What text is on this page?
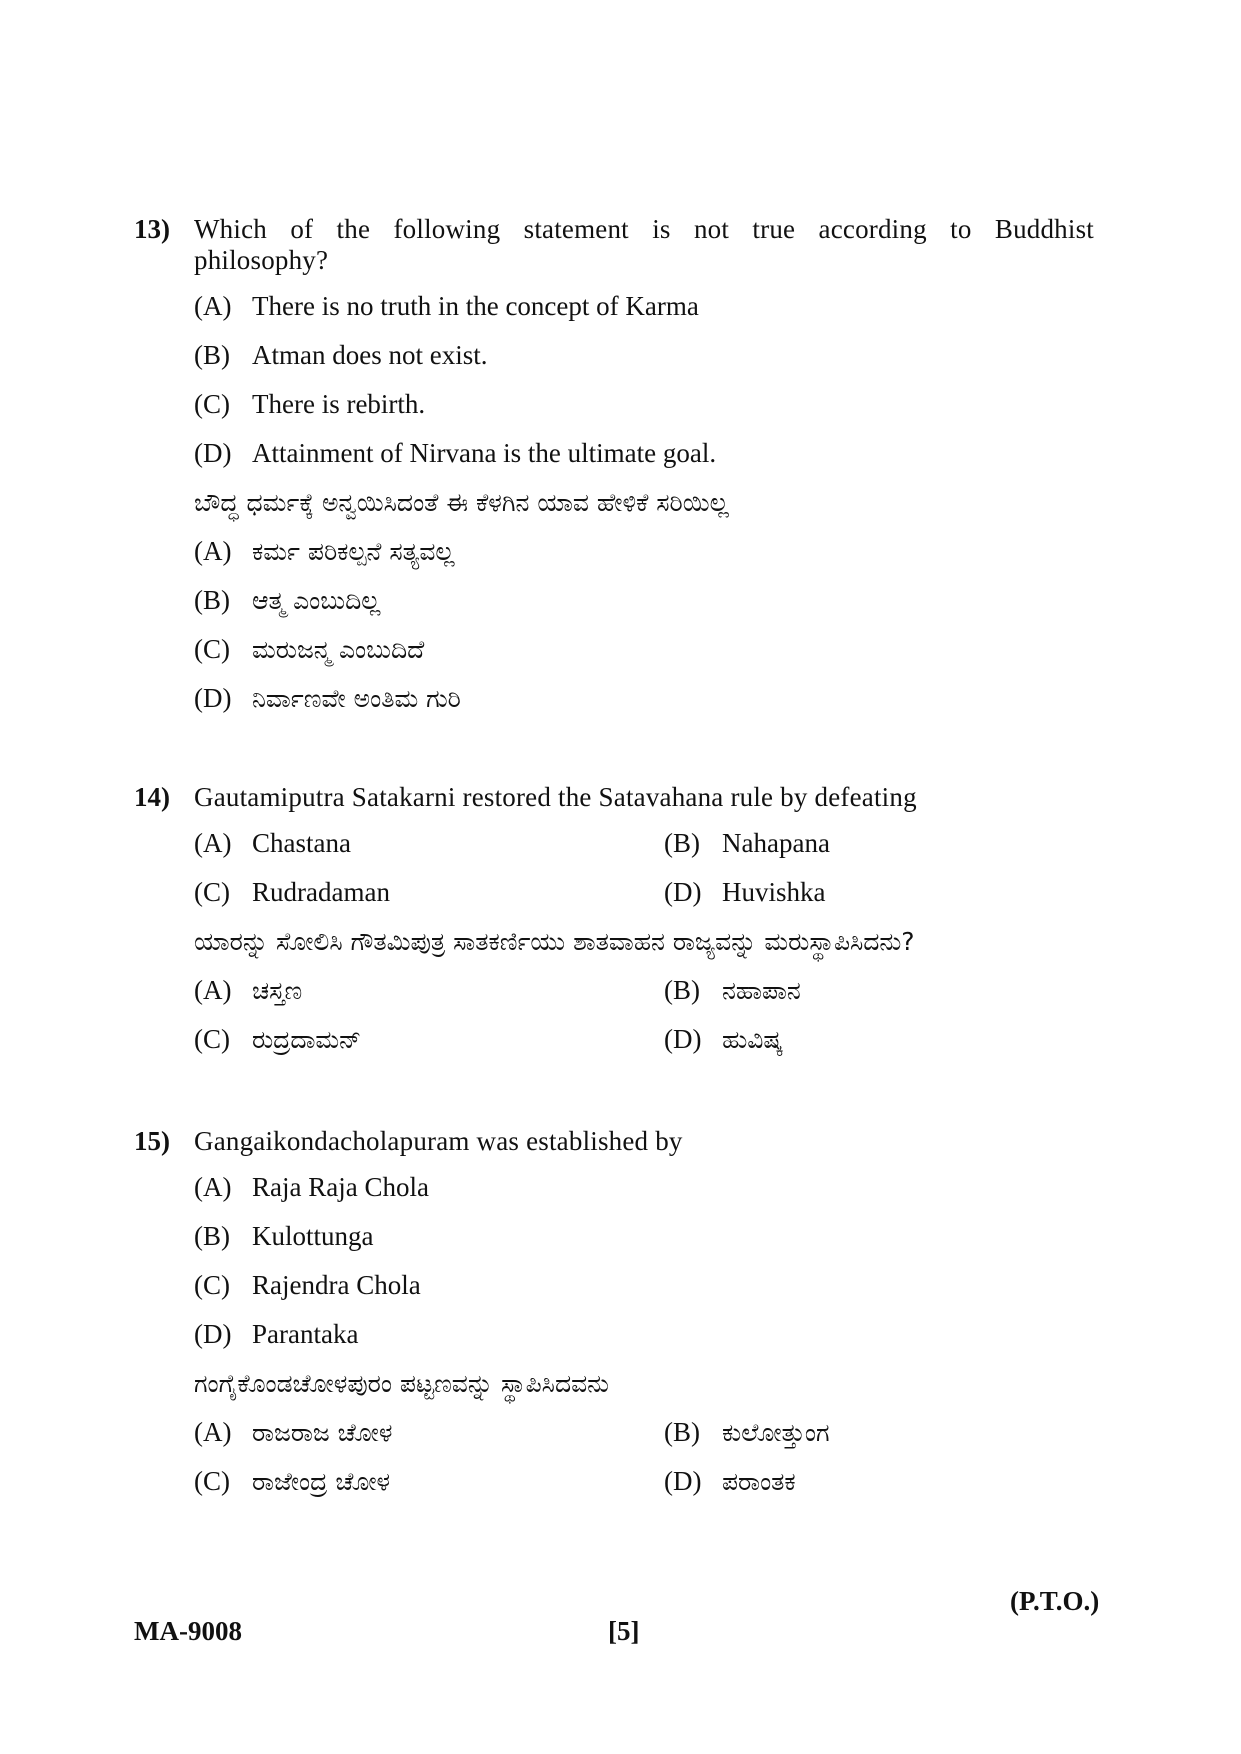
13) Which of the following statement is not true according to Buddhist philosophy?
(A) There is no truth in the concept of Karma
(B) Atman does not exist.
(C) There is rebirth.
(D) Attainment of Nirvana is the ultimate goal.
ಬೌದ್ಧ ಧರ್ಮಕ್ಕೆ ಅನ್ವಯಿಸಿದಂತೆ ಈ ಕೆಳಗಿನ ಯಾವ ಹೇಳಿಕೆ ಸರಿಯಿಲ್ಲ
(A) ಕರ್ಮ ಪರಿಕಲ್ಪನೆ ಸತ್ಯವಲ್ಲ
(B) ಆತ್ಮ ಎಂಬುದಿಲ್ಲ
(C) ಮರುಜನ್ಮ ಎಂಬುದಿದೆ
(D) ನಿರ್ವಾಣವೇ ಅಂತಿಮ ಗುರಿ
14) Gautamiputra Satakarni restored the Satavahana rule by defeating
(A) Chastana	(B) Nahapana
(C) Rudradaman	(D) Huvishka
ಯಾರನ್ನು ಸೋಲಿಸಿ ಗೌತಮಿಪುತ್ರ ಸಾತಕರ್ಣಿಯು ಶಾತವಾಹನ ರಾಜ್ಯವನ್ನು ಮರುಸ್ಥಾಪಿಸಿದನು?
(A) ಚಸ್ತಣ	(B) ನಹಾಪಾನ
(C) ರುದ್ರದಾಮನ್	(D) ಹುವಿಷ್ಕ
15) Gangaikondacholapuram was established by
(A) Raja Raja Chola
(B) Kulottunga
(C) Rajendra Chola
(D) Parantaka
ಗಂಗೈಕೊಂಡಚೋಳಪುರಂ ಪಟ್ಟಣವನ್ನು ಸ್ಥಾಪಿಸಿದವನು
(A) ರಾಜರಾಜ ಚೋಳ	(B) ಕುಲೋತ್ತುಂಗ
(C) ರಾಜೇಂದ್ರ ಚೋಳ	(D) ಪರಾಂತಕ
(P.T.O.)
MA-9008	[5]
